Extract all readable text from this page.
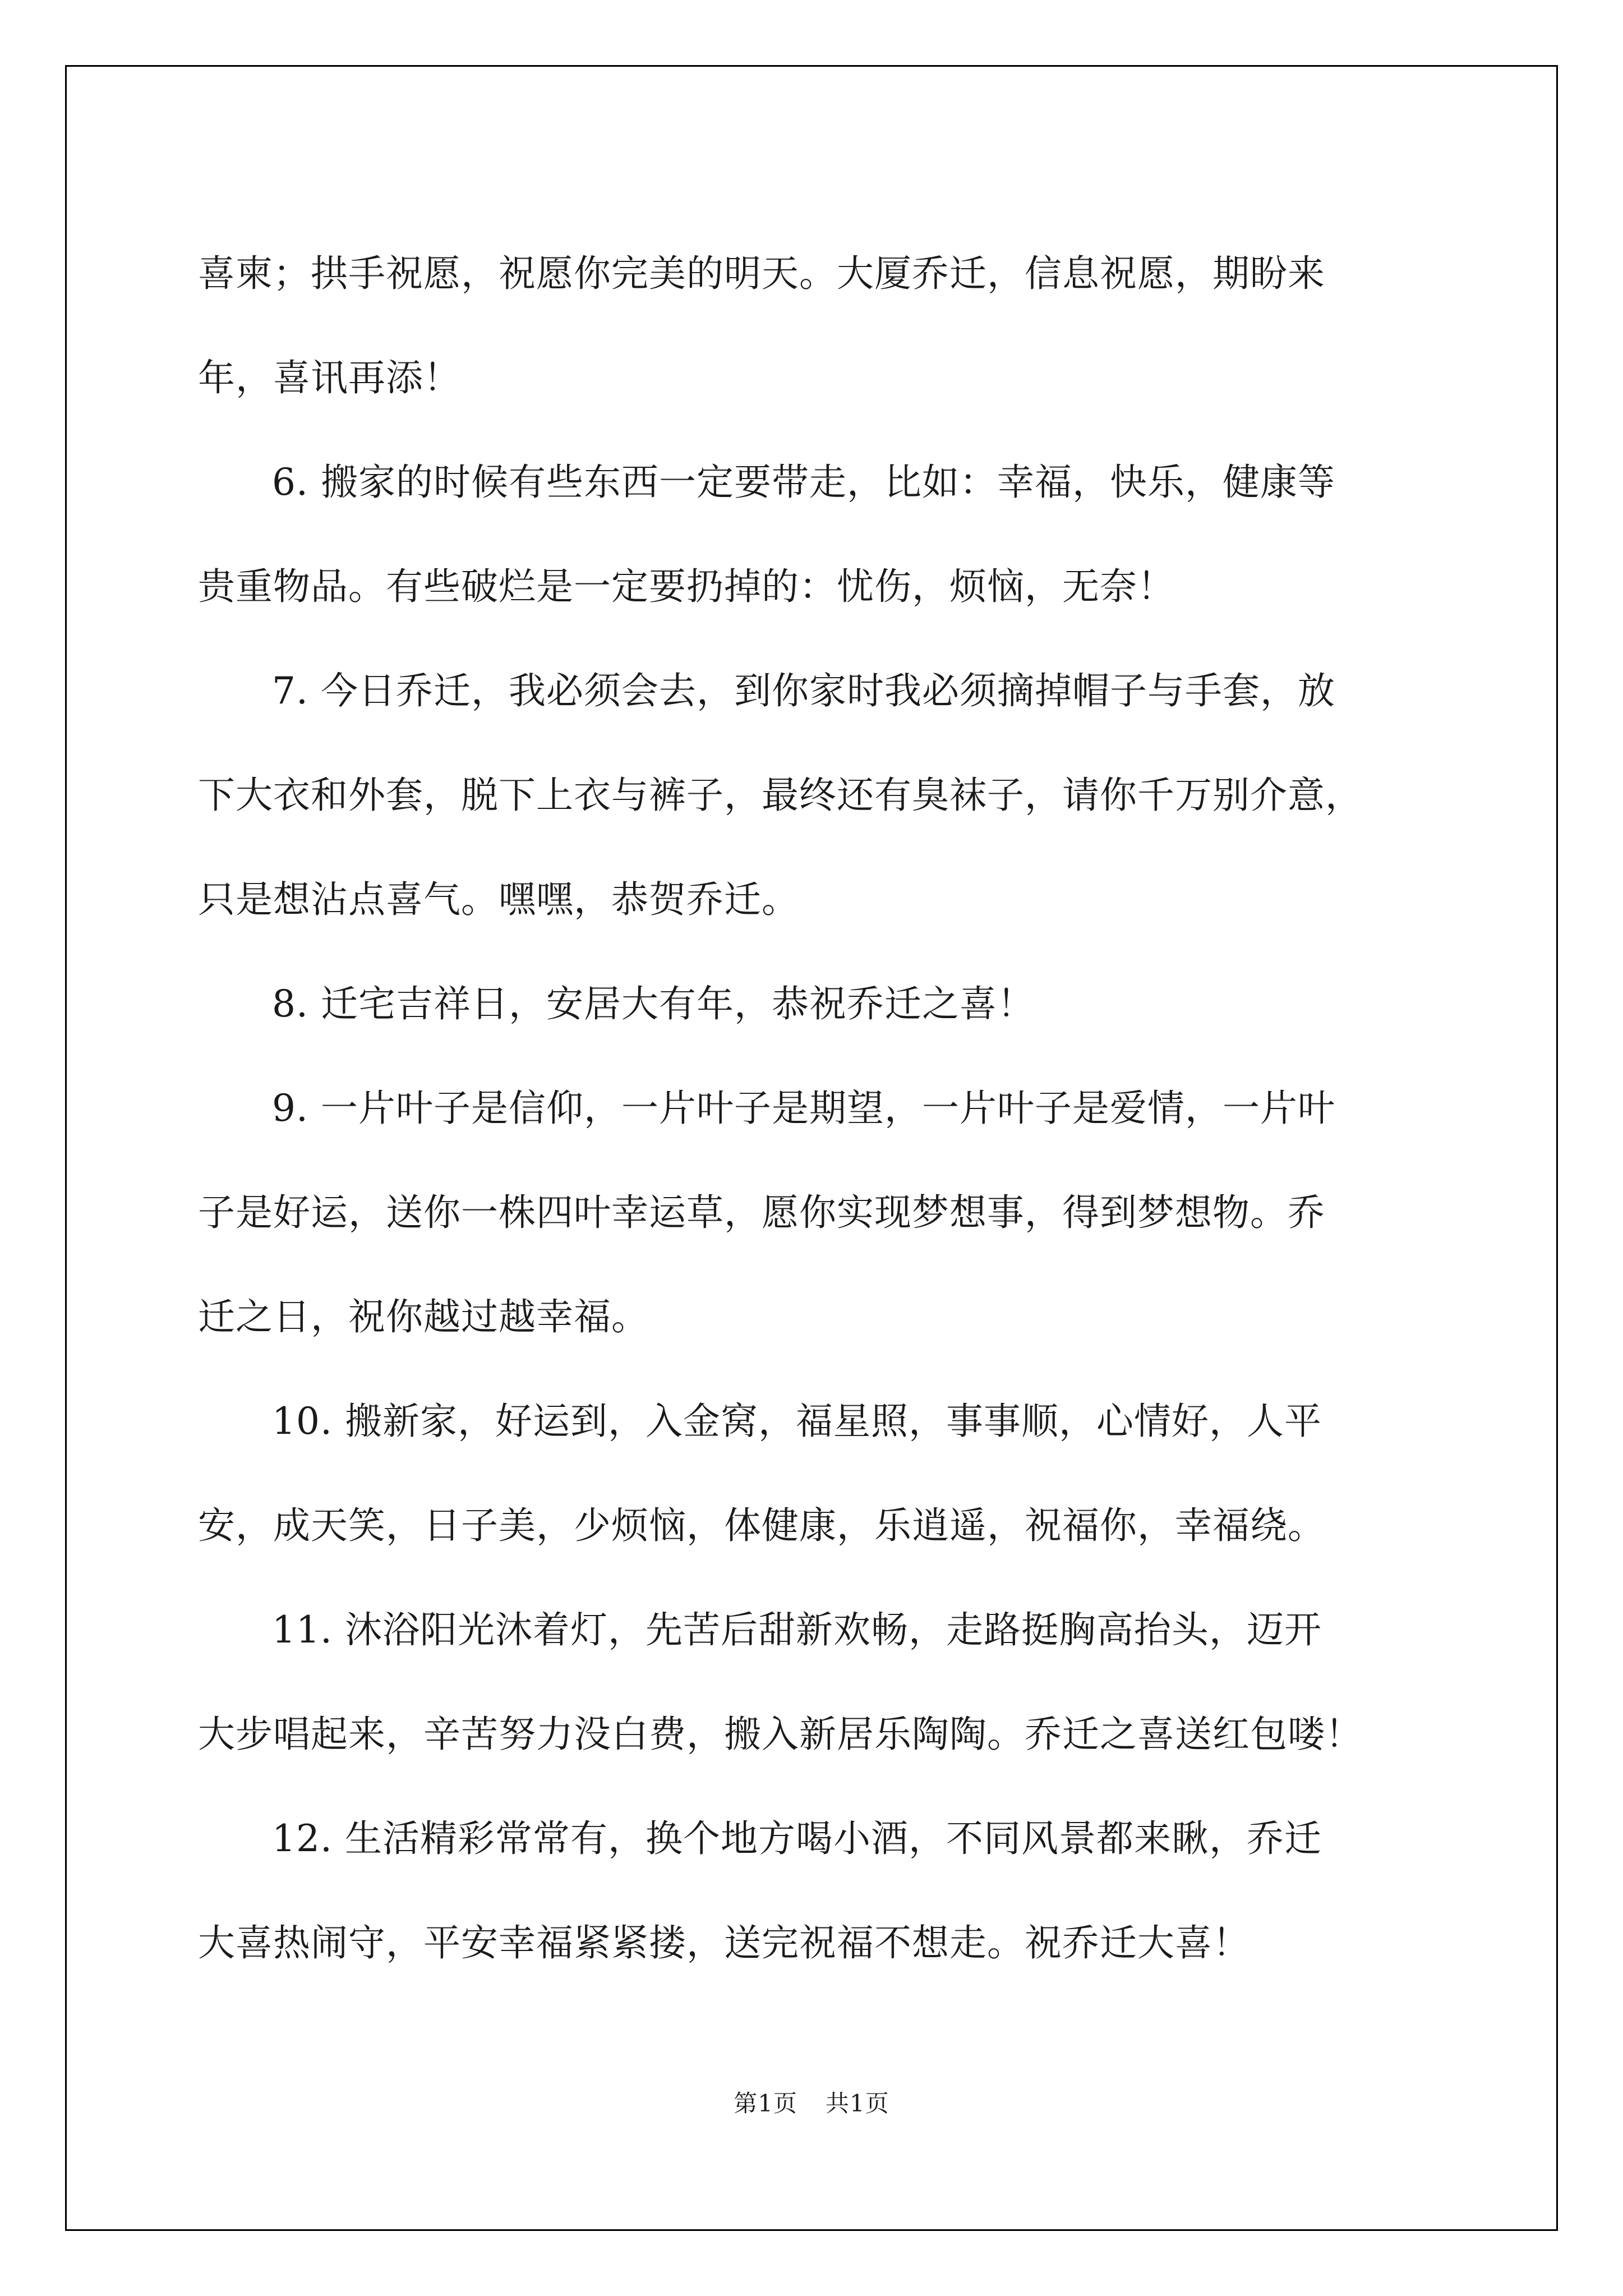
喜柬；拱手祝愿，祝愿你完美的明天。大厦乔迁，信息祝愿，期盼来
年，喜讯再添！

6. 搬家的时候有些东西一定要带走，比如：幸福，快乐，健康等
贵重物品。有些破烂是一定要扔掉的：忧伤，烦恼，无奈！
7. 今日乔迁，我必须会去，到你家时我必须摘掉帽子与手套，放
下大衣和外套，脱下上衣与裤子，最终还有臭袜子，请你千万别介意，
只是想沾点喜气。嘿嘿，恭贺乔迁。
8. 迁宅吉祥日，安居大有年，恭祝乔迁之喜！
9. 一片叶子是信仰，一片叶子是期望，一片叶子是爱情，一片叶
子是好运，送你一株四叶幸运草，愿你实现梦想事，得到梦想物。乔
迁之日，祝你越过越幸福。
10. 搬新家，好运到，入金窝，福星照，事事顺，心情好，人平
安，成天笑，日子美，少烦恼，体健康，乐逍遥，祝福你，幸福绕。
11. 沐浴阳光沐着灯，先苦后甜新欢畅，走路挺胸高抬头，迈开
大步唱起来，辛苦努力没白费，搬入新居乐陶陶。乔迁之喜送红包喽！
12. 生活精彩常常有，换个地方喝小酒，不同风景都来瞅，乔迁
大喜热闹守，平安幸福紧紧搂，送完祝福不想走。祝乔迁大喜！
第1页 共1页
